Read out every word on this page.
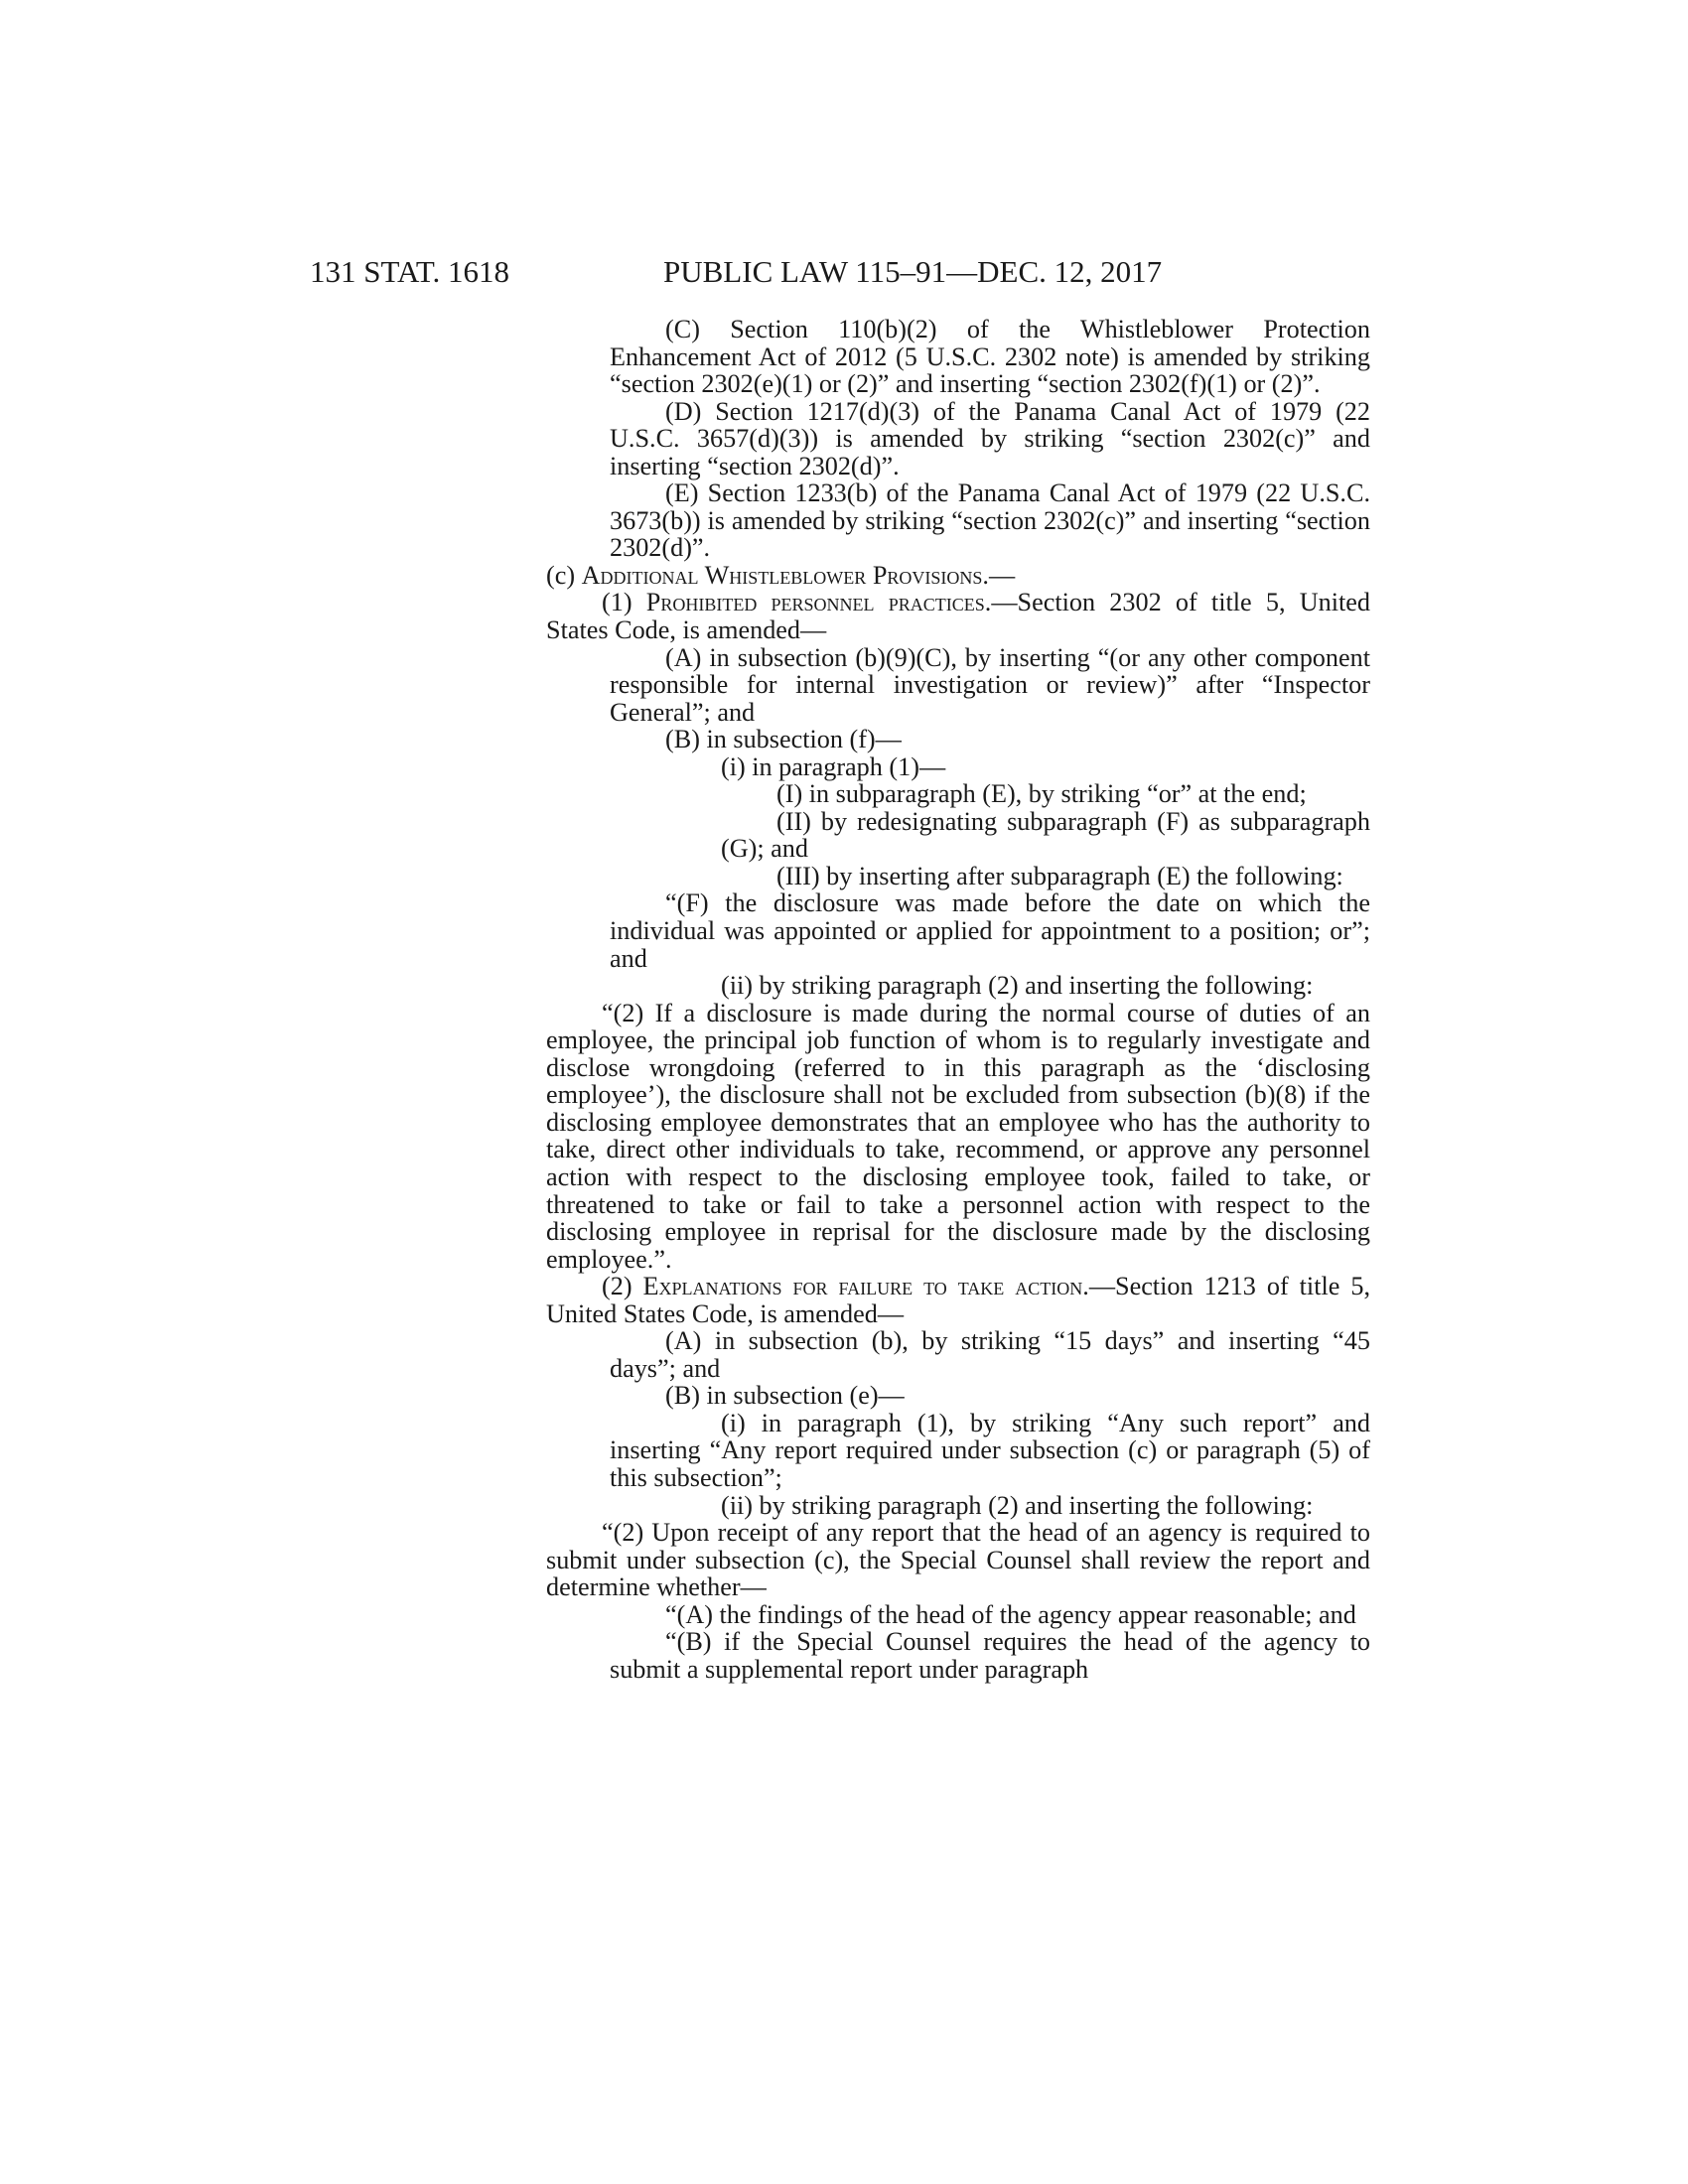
131 STAT. 1618	PUBLIC LAW 115–91—DEC. 12, 2017
(C) Section 110(b)(2) of the Whistleblower Protection Enhancement Act of 2012 (5 U.S.C. 2302 note) is amended by striking “section 2302(e)(1) or (2)” and inserting “section 2302(f)(1) or (2)”.
(D) Section 1217(d)(3) of the Panama Canal Act of 1979 (22 U.S.C. 3657(d)(3)) is amended by striking “section 2302(c)” and inserting “section 2302(d)”.
(E) Section 1233(b) of the Panama Canal Act of 1979 (22 U.S.C. 3673(b)) is amended by striking “section 2302(c)” and inserting “section 2302(d)”.
(c) Additional Whistleblower Provisions.—
(1) Prohibited personnel practices.—Section 2302 of title 5, United States Code, is amended—
(A) in subsection (b)(9)(C), by inserting “(or any other component responsible for internal investigation or review)” after “Inspector General”; and
(B) in subsection (f)—
(i) in paragraph (1)—
(I) in subparagraph (E), by striking “or” at the end;
(II) by redesignating subparagraph (F) as subparagraph (G); and
(III) by inserting after subparagraph (E) the following:
“(F) the disclosure was made before the date on which the individual was appointed or applied for appointment to a position; or”; and
(ii) by striking paragraph (2) and inserting the following:
“(2) If a disclosure is made during the normal course of duties of an employee, the principal job function of whom is to regularly investigate and disclose wrongdoing (referred to in this paragraph as the ‘disclosing employee’), the disclosure shall not be excluded from subsection (b)(8) if the disclosing employee demonstrates that an employee who has the authority to take, direct other individuals to take, recommend, or approve any personnel action with respect to the disclosing employee took, failed to take, or threatened to take or fail to take a personnel action with respect to the disclosing employee in reprisal for the disclosure made by the disclosing employee.”.
(2) Explanations for failure to take action.—Section 1213 of title 5, United States Code, is amended—
(A) in subsection (b), by striking “15 days” and inserting “45 days”; and
(B) in subsection (e)—
(i) in paragraph (1), by striking “Any such report” and inserting “Any report required under subsection (c) or paragraph (5) of this subsection”;
(ii) by striking paragraph (2) and inserting the following:
“(2) Upon receipt of any report that the head of an agency is required to submit under subsection (c), the Special Counsel shall review the report and determine whether—
“(A) the findings of the head of the agency appear reasonable; and
“(B) if the Special Counsel requires the head of the agency to submit a supplemental report under paragraph
